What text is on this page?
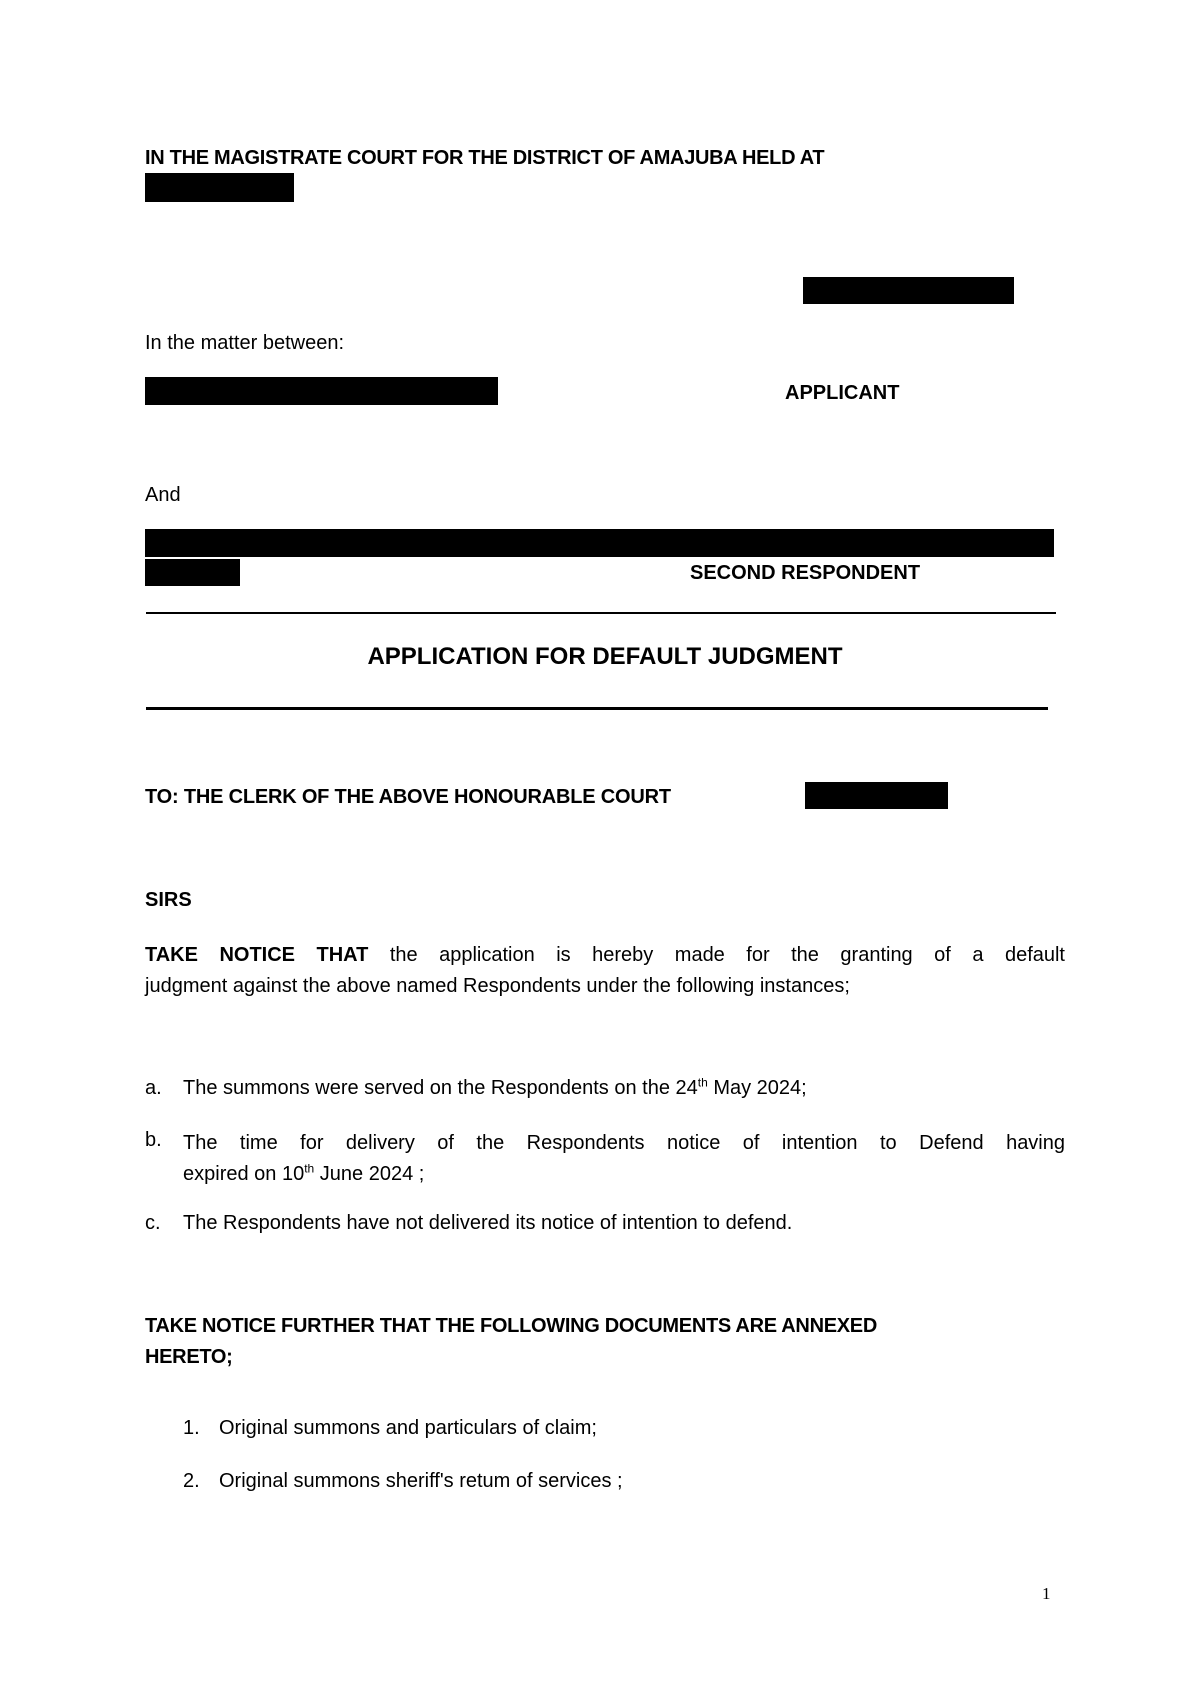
IN THE MAGISTRATE COURT FOR THE DISTRICT OF AMAJUBA HELD AT
In the matter between:
APPLICANT
And
SECOND RESPONDENT
APPLICATION FOR DEFAULT JUDGMENT
TO: THE CLERK OF THE ABOVE HONOURABLE COURT
SIRS
TAKE NOTICE THAT the application is hereby made for the granting of a default
judgment against the above named Respondents under the following instances;
a. The summons were served on the Respondents on the 24th May 2024;
b. The time for delivery of the Respondents notice of intention to Defend having
expired on 10th June 2024 ;
c. The Respondents have not delivered its notice of intention to defend.
TAKE NOTICE FURTHER THAT THE FOLLOWING DOCUMENTS ARE ANNEXED
HERETO;
1. Original summons and particulars of claim;
2. Original summons sheriff's retum of services ;
1
